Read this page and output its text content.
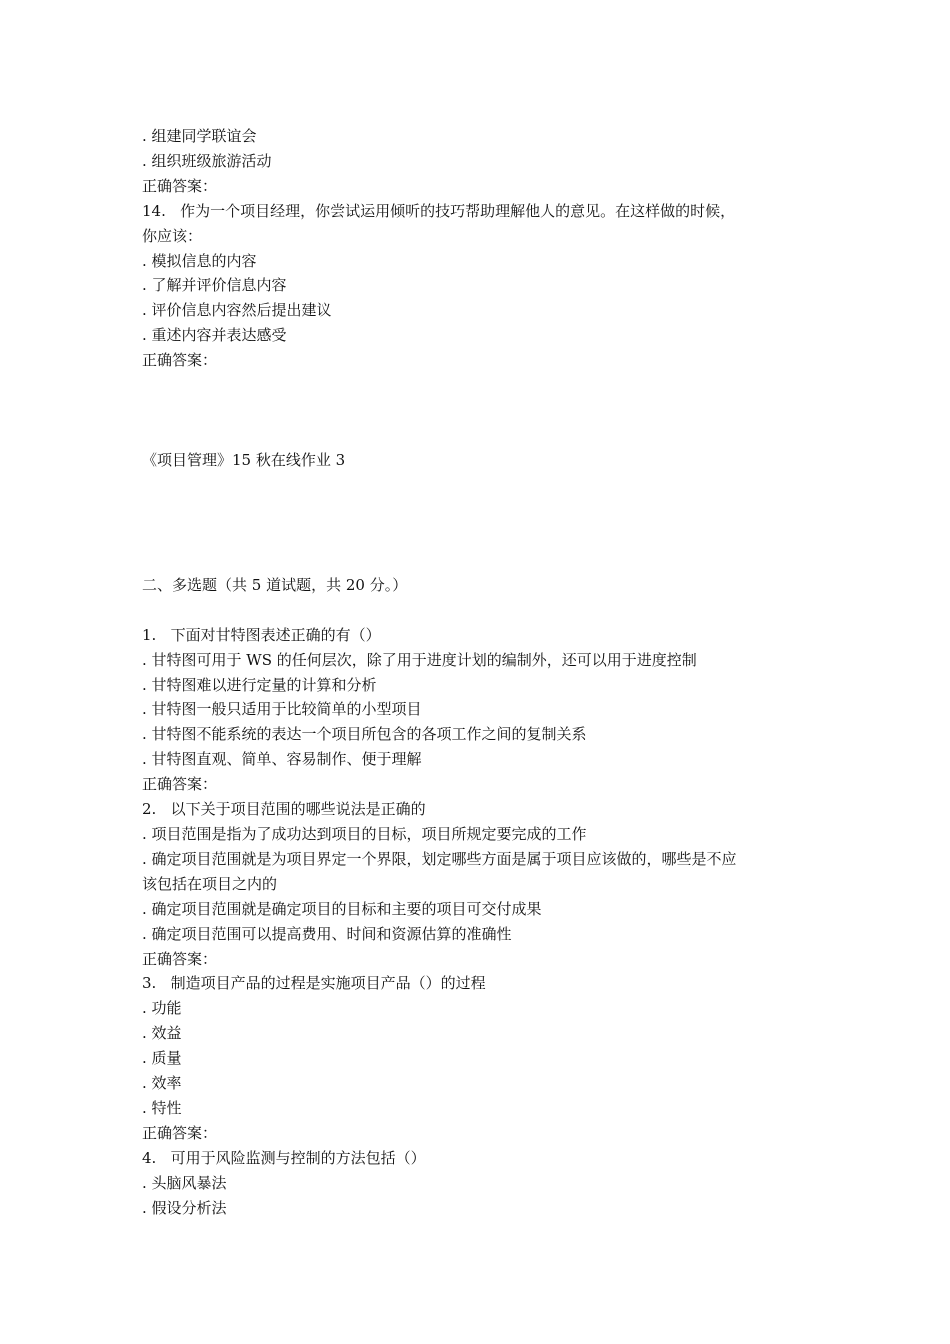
. 组建同学联谊会

. 组织班级旅游活动

正确答案：

14.   作为一个项目经理，你尝试运用倾听的技巧帮助理解他人的意见。在这样做的时候，

你应该：

. 模拟信息的内容

. 了解并评价信息内容

. 评价信息内容然后提出建议

. 重述内容并表达感受

正确答案：

《项目管理》15 秋在线作业 3

二、多选题（共 5 道试题，共 20 分。）

1.   下面对甘特图表述正确的有（）

. 甘特图可用于 WS 的任何层次，除了用于进度计划的编制外，还可以用于进度控制

. 甘特图难以进行定量的计算和分析

. 甘特图一般只适用于比较简单的小型项目

. 甘特图不能系统的表达一个项目所包含的各项工作之间的复制关系

. 甘特图直观、简单、容易制作、便于理解

正确答案：

2.   以下关于项目范围的哪些说法是正确的

. 项目范围是指为了成功达到项目的目标，项目所规定要完成的工作

. 确定项目范围就是为项目界定一个界限，划定哪些方面是属于项目应该做的，哪些是不应

该包括在项目之内的

. 确定项目范围就是确定项目的目标和主要的项目可交付成果

. 确定项目范围可以提高费用、时间和资源估算的准确性

正确答案：

3.   制造项目产品的过程是实施项目产品（）的过程

. 功能

. 效益

. 质量

. 效率

. 特性

正确答案：

4.   可用于风险监测与控制的方法包括（）

. 头脑风暴法

. 假设分析法
